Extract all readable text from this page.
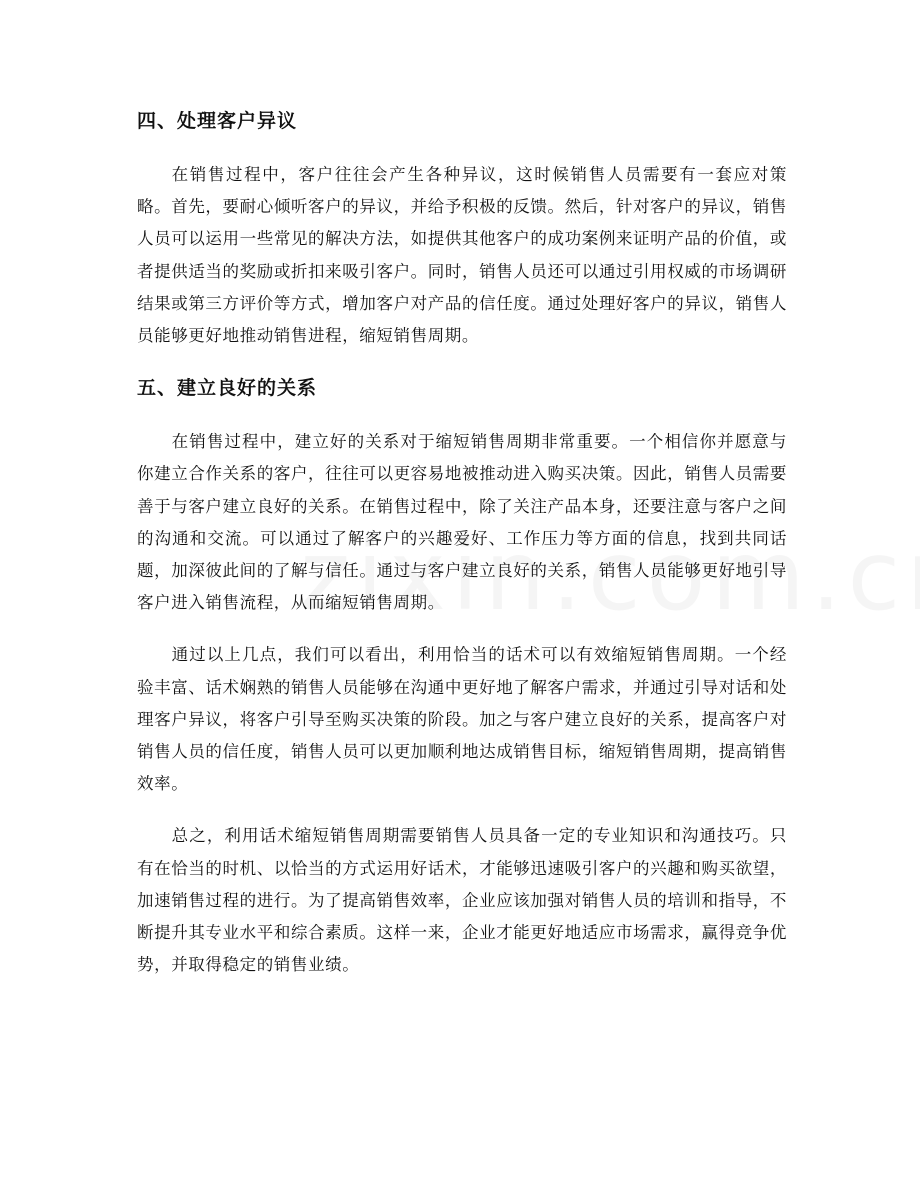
四、处理客户异议

在销售过程中，客户往往会产生各种异议，这时候销售人员需要有一套应对策略。首先，要耐心倾听客户的异议，并给予积极的反馈。然后，针对客户的异议，销售人员可以运用一些常见的解决方法，如提供其他客户的成功案例来证明产品的价值，或者提供适当的奖励或折扣来吸引客户。同时，销售人员还可以通过引用权威的市场调研结果或第三方评价等方式，增加客户对产品的信任度。通过处理好客户的异议，销售人员能够更好地推动销售进程，缩短销售周期。

五、建立良好的关系

在销售过程中，建立好的关系对于缩短销售周期非常重要。一个相信你并愿意与你建立合作关系的客户，往往可以更容易地被推动进入购买决策。因此，销售人员需要善于与客户建立良好的关系。在销售过程中，除了关注产品本身，还要注意与客户之间的沟通和交流。可以通过了解客户的兴趣爱好、工作压力等方面的信息，找到共同话题，加深彼此间的了解与信任。通过与客户建立良好的关系，销售人员能够更好地引导客户进入销售流程，从而缩短销售周期。

通过以上几点，我们可以看出，利用恰当的话术可以有效缩短销售周期。一个经验丰富、话术娴熟的销售人员能够在沟通中更好地了解客户需求，并通过引导对话和处理客户异议，将客户引导至购买决策的阶段。加之与客户建立良好的关系，提高客户对销售人员的信任度，销售人员可以更加顺利地达成销售目标，缩短销售周期，提高销售效率。

总之，利用话术缩短销售周期需要销售人员具备一定的专业知识和沟通技巧。只有在恰当的时机、以恰当的方式运用好话术，才能够迅速吸引客户的兴趣和购买欲望，加速销售过程的进行。为了提高销售效率，企业应该加强对销售人员的培训和指导，不断提升其专业水平和综合素质。这样一来，企业才能更好地适应市场需求，赢得竞争优势，并取得稳定的销售业绩。
